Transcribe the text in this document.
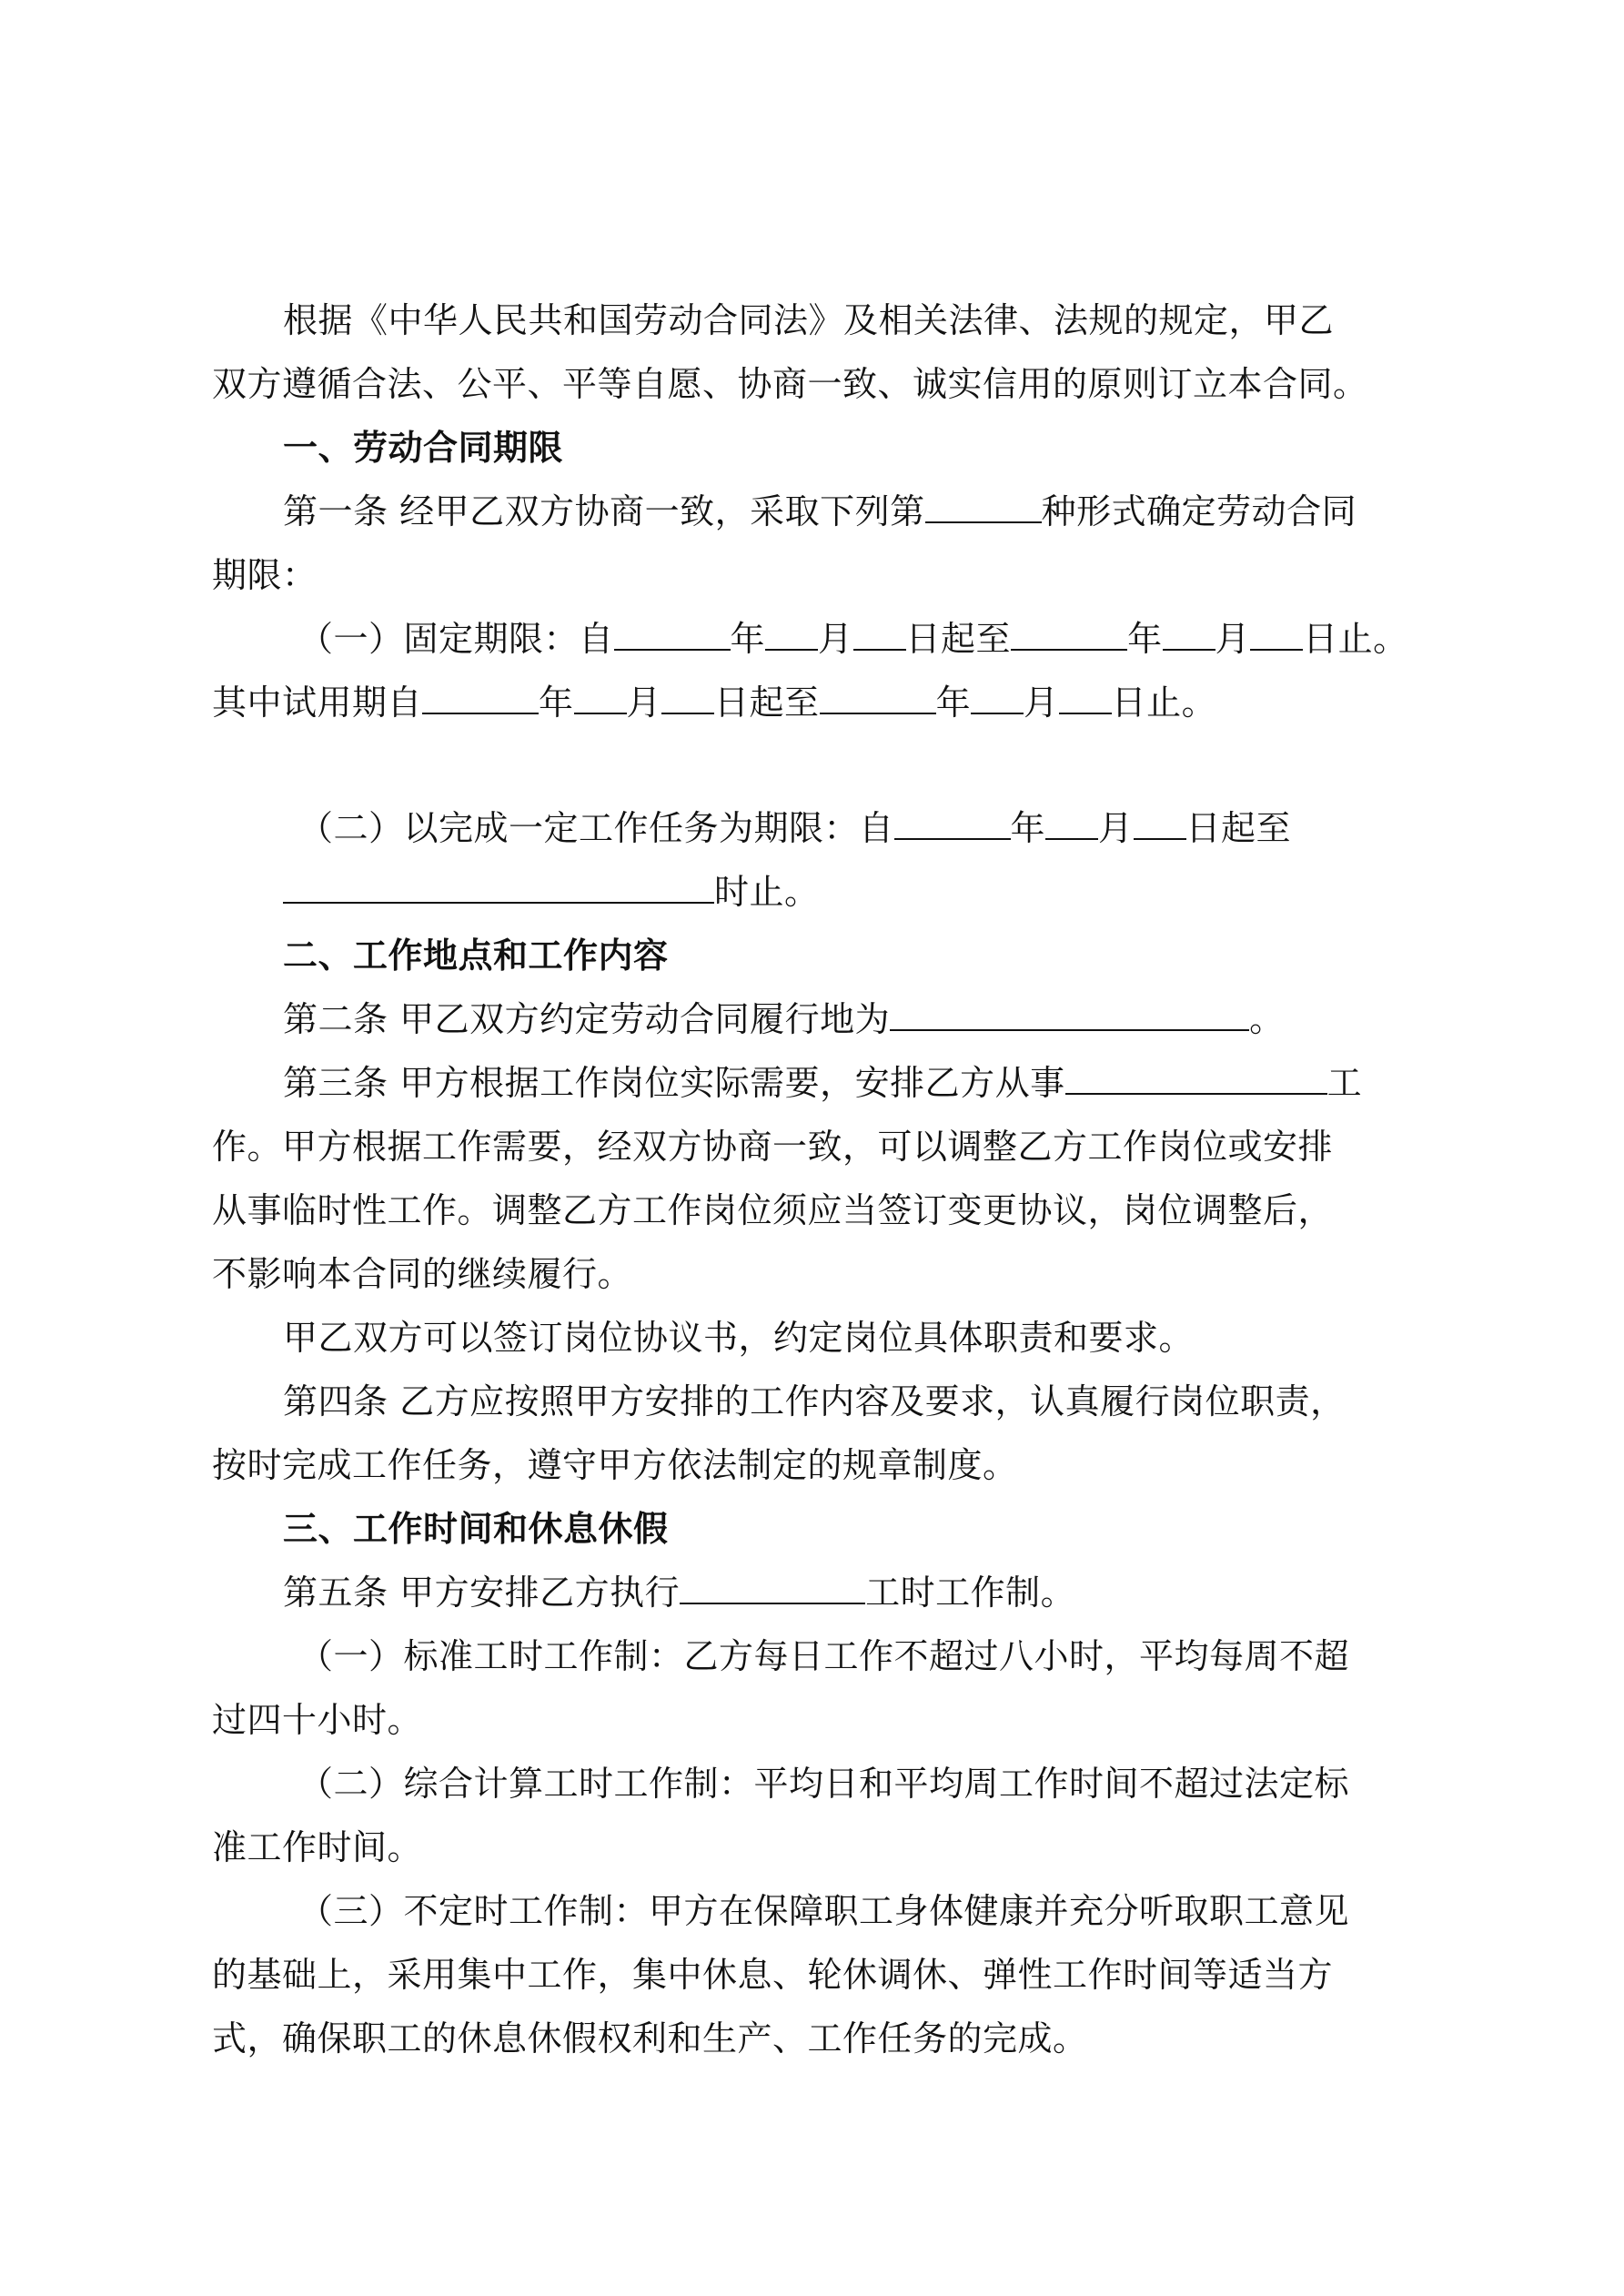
根据《中华人民共和国劳动合同法》及相关法律、法规的规定，甲乙
双方遵循合法、公平、平等自愿、协商一致、诚实信用的原则订立本合同。
一、劳动合同期限
第一条 经甲乙双方协商一致，采取下列第	种形式确定劳动合同
期限：
（一）固定期限：自	年 月 日起至	年 月 日止。
其中试用期自	年 月 日起至	年 月 日止。
（二）以完成一定工作任务为期限：自	年 月 日起至
时止。
二、工作地点和工作内容
第二条 甲乙双方约定劳动合同履行地为	。
第三条 甲方根据工作岗位实际需要，安排乙方从事	工
作。甲方根据工作需要，经双方协商一致，可以调整乙方工作岗位或安排
从事临时性工作。调整乙方工作岗位须应当签订变更协议，岗位调整后，
不影响本合同的继续履行。
甲乙双方可以签订岗位协议书，约定岗位具体职责和要求。
第四条 乙方应按照甲方安排的工作内容及要求，认真履行岗位职责，
按时完成工作任务，遵守甲方依法制定的规章制度。
三、工作时间和休息休假
第五条 甲方安排乙方执行	工时工作制。
（一）标准工时工作制：乙方每日工作不超过八小时，平均每周不超
过四十小时。
（二）综合计算工时工作制：平均日和平均周工作时间不超过法定标
准工作时间。
（三）不定时工作制：甲方在保障职工身体健康并充分听取职工意见
的基础上，采用集中工作，集中休息、轮休调休、弹性工作时间等适当方
式，确保职工的休息休假权利和生产、工作任务的完成。
